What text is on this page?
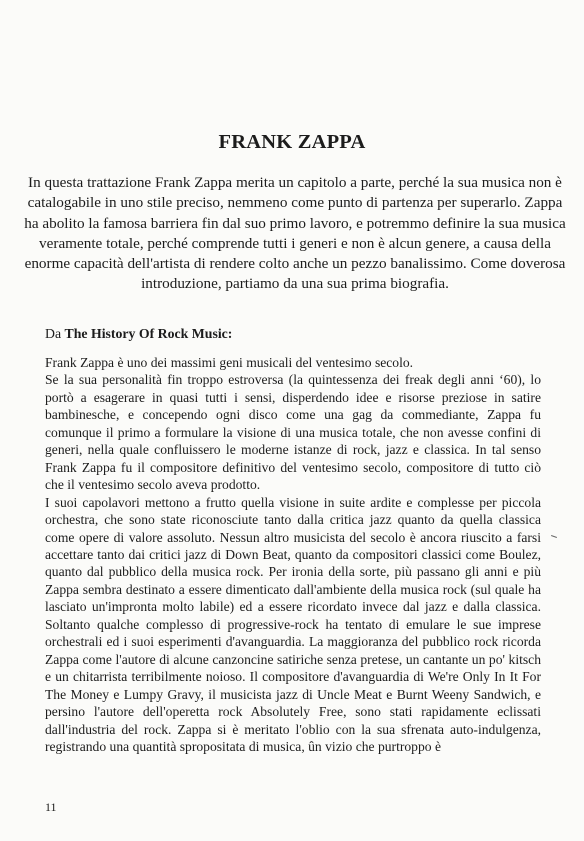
FRANK ZAPPA

In questa trattazione Frank Zappa merita un capitolo a parte, perché la sua musica non è catalogabile in uno stile preciso, nemmeno come punto di partenza per superarlo. Zappa ha abolito la famosa barriera fin dal suo primo lavoro, e potremmo definire la sua musica veramente totale, perché comprende tutti i generi e non è alcun genere, a causa della enorme capacità dell'artista di rendere colto anche un pezzo banalissimo. Come doverosa introduzione, partiamo da una sua prima biografia.

Da The History Of Rock Music:

Frank Zappa è uno dei massimi geni musicali del ventesimo secolo.

Se la sua personalità fin troppo estroversa (la quintessenza dei freak degli anni ‘60), lo portò a esagerare in quasi tutti i sensi, disperdendo idee e risorse preziose in satire bambinesche, e concependo ogni disco come una gag da commediante, Zappa fu comunque il primo a formulare la visione di una musica totale, che non avesse confini di generi, nella quale confluissero le moderne istanze di rock, jazz e classica. In tal senso Frank Zappa fu il compositore definitivo del ventesimo secolo, compositore di tutto ciò che il ventesimo secolo aveva prodotto.

I suoi capolavori mettono a frutto quella visione in suite ardite e complesse per piccola orchestra, che sono state riconosciute tanto dalla critica jazz quanto da quella classica come opere di valore assoluto. Nessun altro musicista del secolo è ancora riuscito a farsi accettare tanto dai critici jazz di Down Beat, quanto da compositori classici come Boulez, quanto dal pubblico della musica rock. Per ironia della sorte, più passano gli anni e più Zappa sembra destinato a essere dimenticato dall'ambiente della musica rock (sul quale ha lasciato un'impronta molto labile) ed a essere ricordato invece dal jazz e dalla classica. Soltanto qualche complesso di progressive-rock ha tentato di emulare le sue imprese orchestrali ed i suoi esperimenti d'avanguardia. La maggioranza del pubblico rock ricorda Zappa come l'autore di alcune canzoncine satiriche senza pretese, un cantante un po' kitsch e un chitarrista terribilmente noioso. Il compositore d'avanguardia di We're Only In It For The Money e Lumpy Gravy, il musicista jazz di Uncle Meat e Burnt Weeny Sandwich, e persino l'autore dell'operetta rock Absolutely Free, sono stati rapidamente eclissati dall'industria del rock. Zappa si è meritato l'oblio con la sua sfrenata auto-indulgenza, registrando una quantità spropositata di musica, ûn vizio che purtroppo è

11
